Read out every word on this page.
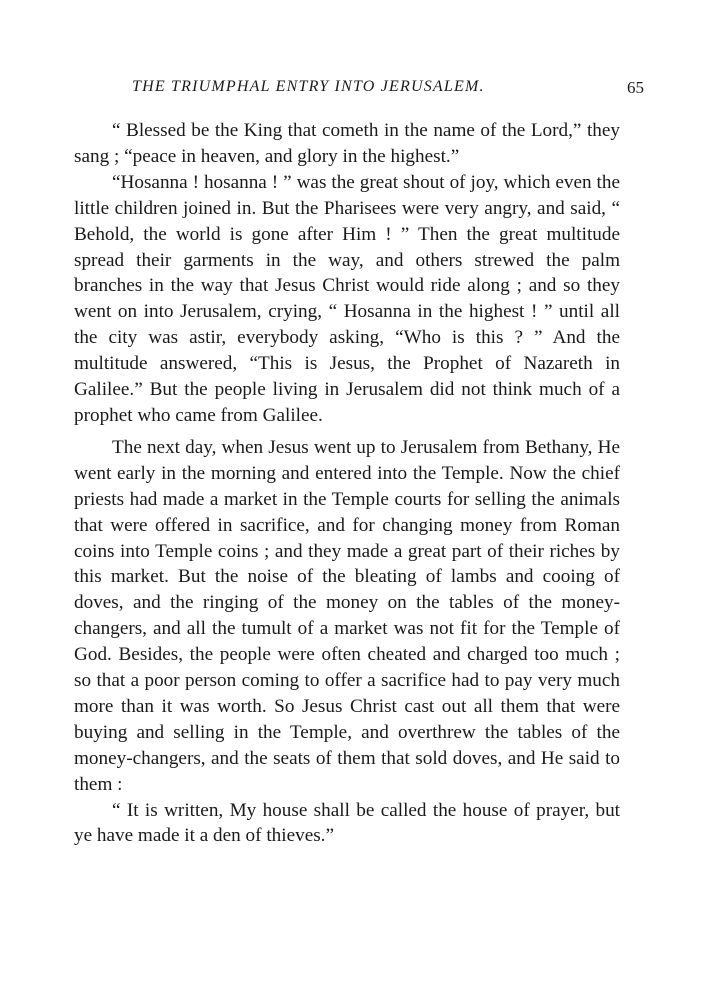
THE TRIUMPHAL ENTRY INTO JERUSALEM.	65

“ Blessed be the King that cometh in the name of the Lord,” they sang ; “peace in heaven, and glory in the highest.”

“Hosanna ! hosanna ! ” was the great shout of joy, which even the little children joined in. But the Pharisees were very angry, and said, “ Behold, the world is gone after Him ! ” Then the great multitude spread their garments in the way, and others strewed the palm branches in the way that Jesus Christ would ride along ; and so they went on into Jerusalem, crying, “ Hosanna in the highest ! ” until all the city was astir, everybody asking, “Who is this ? ” And the multitude answered, “This is Jesus, the Prophet of Nazareth in Galilee.” But the people living in Jerusalem did not think much of a prophet who came from Galilee.

The next day, when Jesus went up to Jerusalem from Bethany, He went early in the morning and entered into the Temple. Now the chief priests had made a market in the Temple courts for selling the animals that were offered in sacrifice, and for changing money from Roman coins into Temple coins ; and they made a great part of their riches by this market. But the noise of the bleating of lambs and cooing of doves, and the ringing of the money on the tables of the money-changers, and all the tumult of a market was not fit for the Temple of God. Besides, the people were often cheated and charged too much ; so that a poor person coming to offer a sacrifice had to pay very much more than it was worth. So Jesus Christ cast out all them that were buying and selling in the Temple, and overthrew the tables of the money-changers, and the seats of them that sold doves, and He said to them :

“ It is written, My house shall be called the house of prayer, but ye have made it a den of thieves.”
